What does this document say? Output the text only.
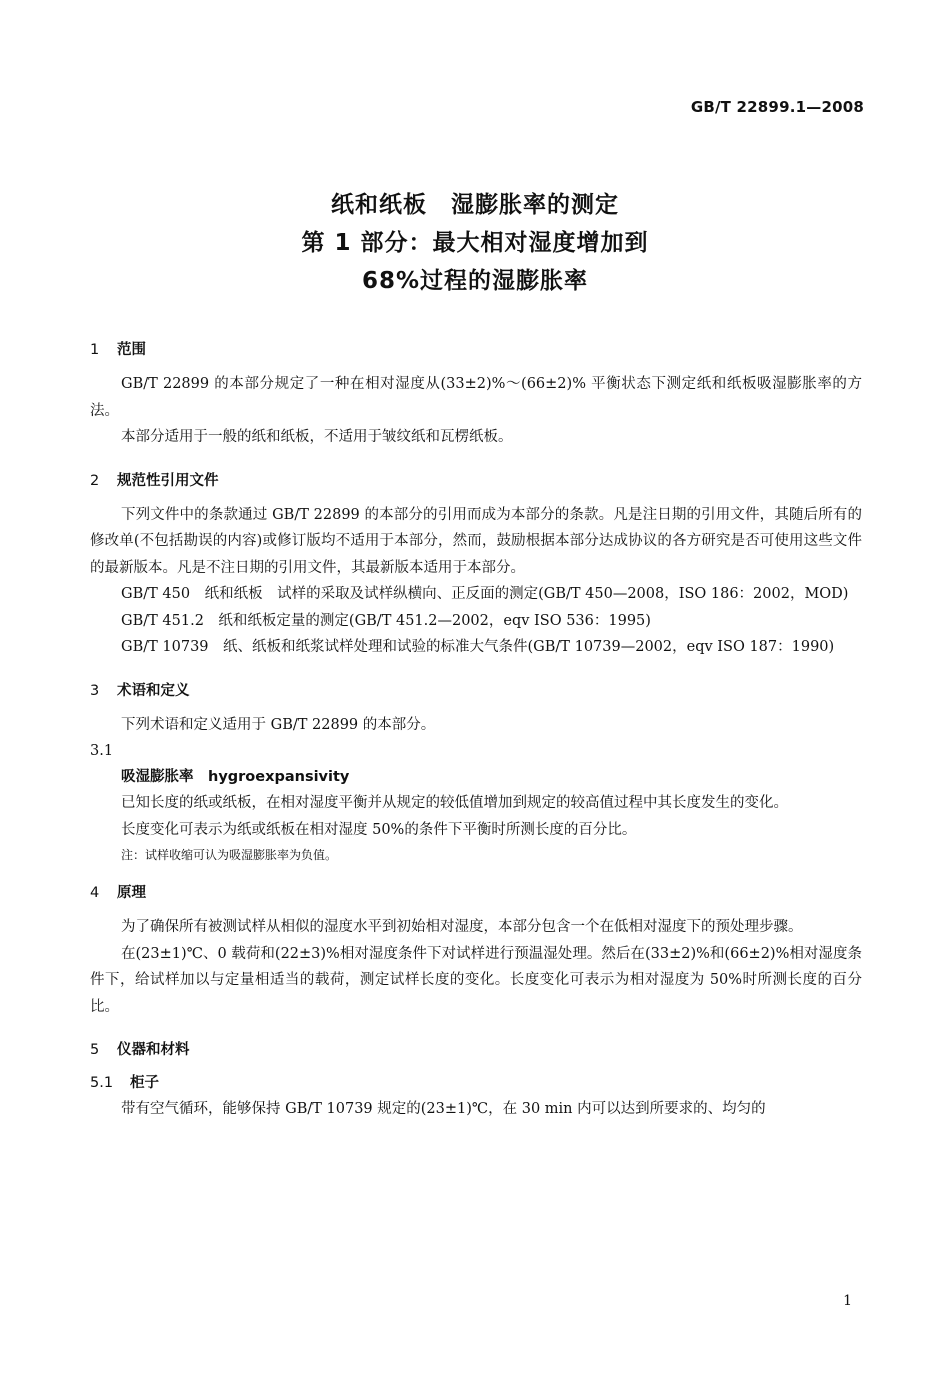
GB/T 22899.1—2008
纸和纸板　湿膨胀率的测定
第 1 部分：最大相对湿度增加到
68%过程的湿膨胀率
1 范围

GB/T 22899 的本部分规定了一种在相对湿度从(33±2)%～(66±2)% 平衡状态下测定纸和纸板吸湿膨胀率的方法。

本部分适用于一般的纸和纸板，不适用于皱纹纸和瓦楞纸板。

2 规范性引用文件

下列文件中的条款通过 GB/T 22899 的本部分的引用而成为本部分的条款。凡是注日期的引用文件，其随后所有的修改单(不包括勘误的内容)或修订版均不适用于本部分，然而，鼓励根据本部分达成协议的各方研究是否可使用这些文件的最新版本。凡是不注日期的引用文件，其最新版本适用于本部分。

GB/T 450　纸和纸板　试样的采取及试样纵横向、正反面的测定(GB/T 450—2008，ISO 186：2002，MOD)

GB/T 451.2　纸和纸板定量的测定(GB/T 451.2—2002，eqv ISO 536：1995)

GB/T 10739　纸、纸板和纸浆试样处理和试验的标准大气条件(GB/T 10739—2002，eqv ISO 187：1990)

3 术语和定义

下列术语和定义适用于 GB/T 22899 的本部分。

3.1

吸湿膨胀率　hygroexpansivity

已知长度的纸或纸板，在相对湿度平衡并从规定的较低值增加到规定的较高值过程中其长度发生的变化。

长度变化可表示为纸或纸板在相对湿度 50%的条件下平衡时所测长度的百分比。

注：试样收缩可认为吸湿膨胀率为负值。

4 原理

为了确保所有被测试样从相似的湿度水平到初始相对湿度，本部分包含一个在低相对湿度下的预处理步骤。

在(23±1)℃、0 载荷和(22±3)%相对湿度条件下对试样进行预温湿处理。然后在(33±2)%和(66±2)%相对湿度条件下，给试样加以与定量相适当的载荷，测定试样长度的变化。长度变化可表示为相对湿度为 50%时所测长度的百分比。

5 仪器和材料
5.1 柜子

带有空气循环，能够保持 GB/T 10739 规定的(23±1)℃，在 30 min 内可以达到所要求的、均匀的

1
